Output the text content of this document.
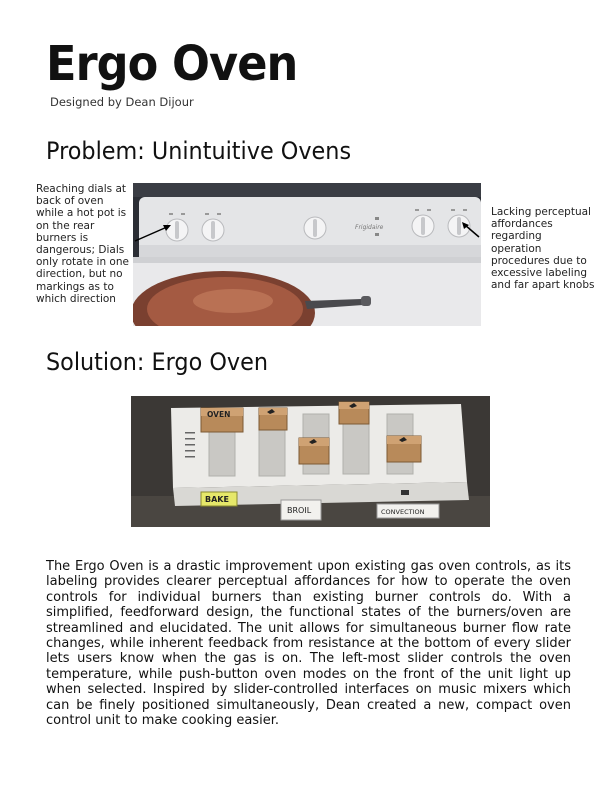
Ergo Oven
Designed by Dean Dijour
Problem: Unintuitive Ovens
Reaching dials at back of oven while a hot pot is on the rear burners is dangerous; Dials only rotate in one direction, but no markings as to which direction
Frigidaire
Lacking perceptual affordances regarding operation procedures due to excessive labeling and far apart knobs
Solution: Ergo Oven
OVEN
BAKE
BROIL	CONVECTION

The Ergo Oven is a drastic improvement upon existing gas oven controls, as its labeling provides clearer perceptual affordances for how to operate the oven controls for individual burners than existing burner controls do. With a simplified, feedforward design, the functional states of the burners/oven are streamlined and elucidated. The unit allows for simultaneous burner flow rate changes, while inherent feedback from resistance at the bottom of every slider lets users know when the gas is on. The left-most slider controls the oven temperature, while push-button oven modes on the front of the unit light up when selected. Inspired by slider-controlled interfaces on music mixers which can be finely positioned simultaneously, Dean created a new, compact oven control unit to make cooking easier.
